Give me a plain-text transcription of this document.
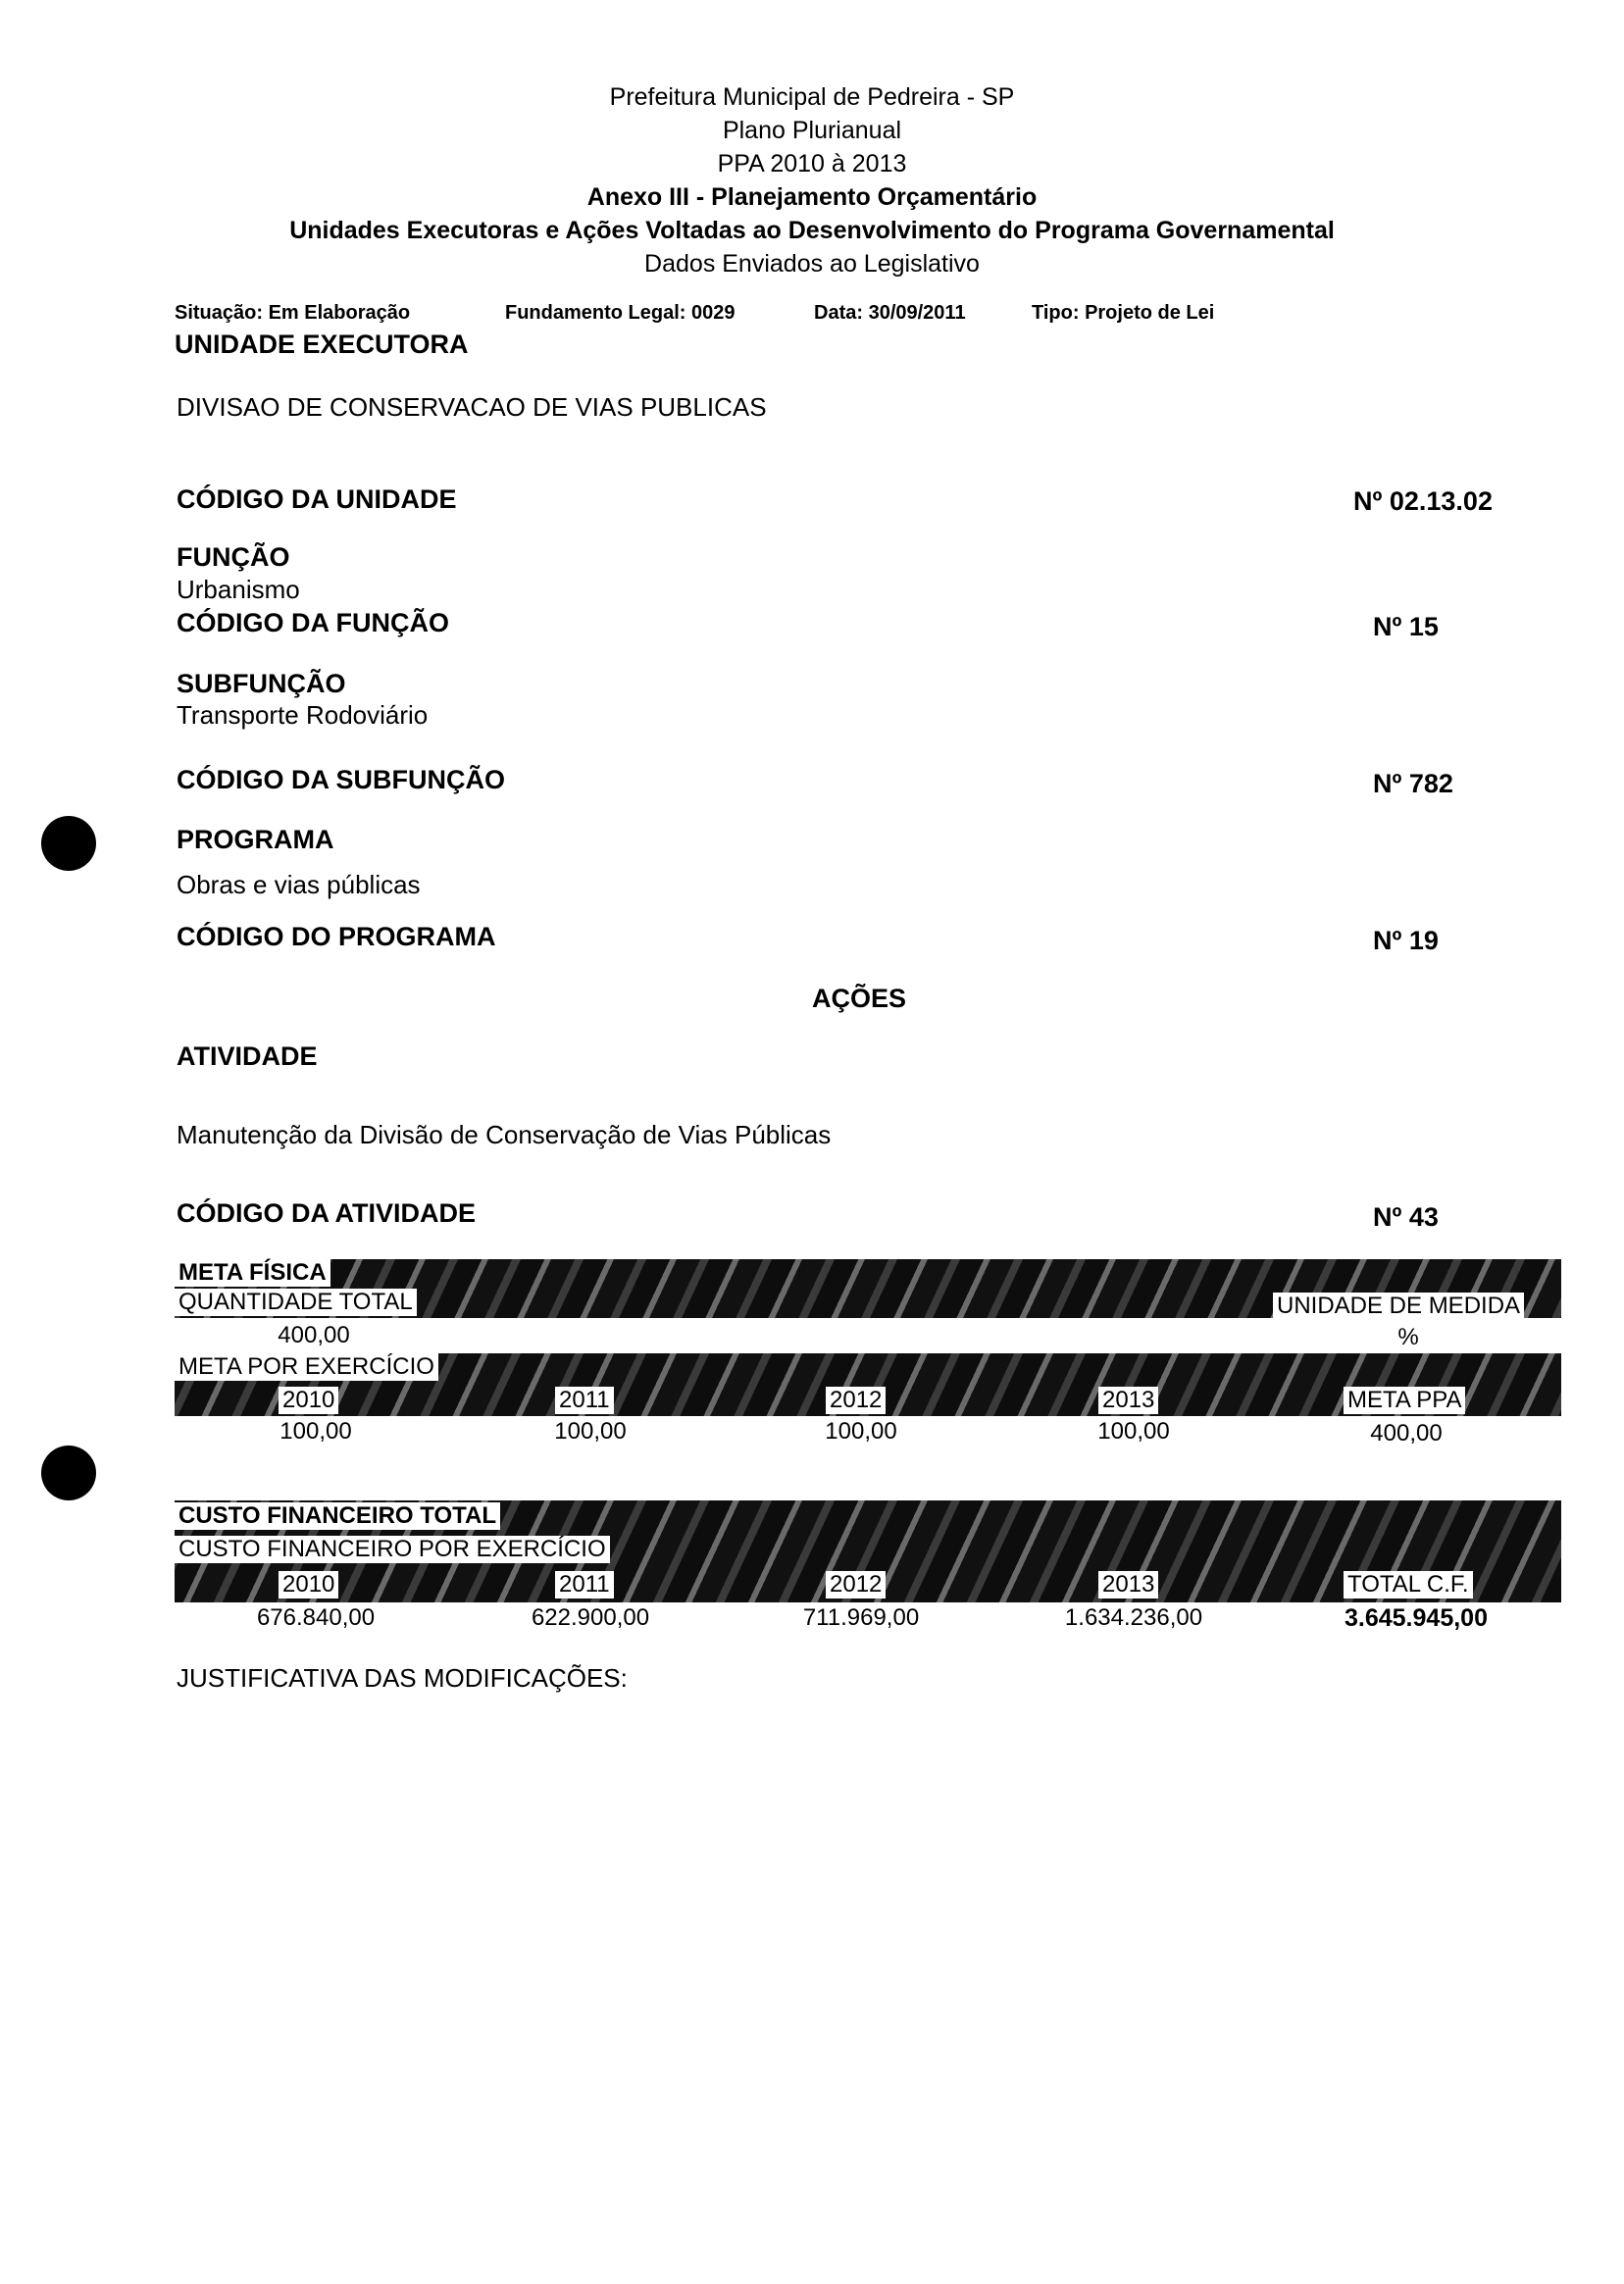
Prefeitura Municipal de Pedreira - SP
Plano Plurianual
PPA 2010 à 2013
Anexo III - Planejamento Orçamentário
Unidades Executoras e Ações Voltadas ao Desenvolvimento do Programa Governamental
Dados Enviados ao Legislativo
Situação: Em Elaboração	Fundamento Legal: 0029	Data: 30/09/2011	Tipo: Projeto de Lei
UNIDADE EXECUTORA
DIVISAO DE CONSERVACAO DE VIAS PUBLICAS
CÓDIGO DA UNIDADE	Nº 02.13.02
FUNÇÃO
Urbanismo
CÓDIGO DA FUNÇÃO	Nº 15
SUBFUNÇÃO
Transporte Rodoviário
CÓDIGO DA SUBFUNÇÃO	Nº 782
PROGRAMA
Obras e vias públicas
CÓDIGO DO PROGRAMA	Nº 19
AÇÕES
ATIVIDADE
Manutenção da Divisão de Conservação de Vias Públicas
CÓDIGO DA ATIVIDADE	Nº 43
META FÍSICA
QUANTIDADE TOTAL	UNIDADE DE MEDIDA
400,00	%
META POR EXERCÍCIO
2010	2011	2012	2013	META PPA
100,00	100,00	100,00	100,00	400,00
CUSTO FINANCEIRO TOTAL
CUSTO FINANCEIRO POR EXERCÍCIO
2010	2011	2012	2013	TOTAL C.F.
676.840,00	622.900,00	711.969,00	1.634.236,00	3.645.945,00
JUSTIFICATIVA DAS MODIFICAÇÕES:
